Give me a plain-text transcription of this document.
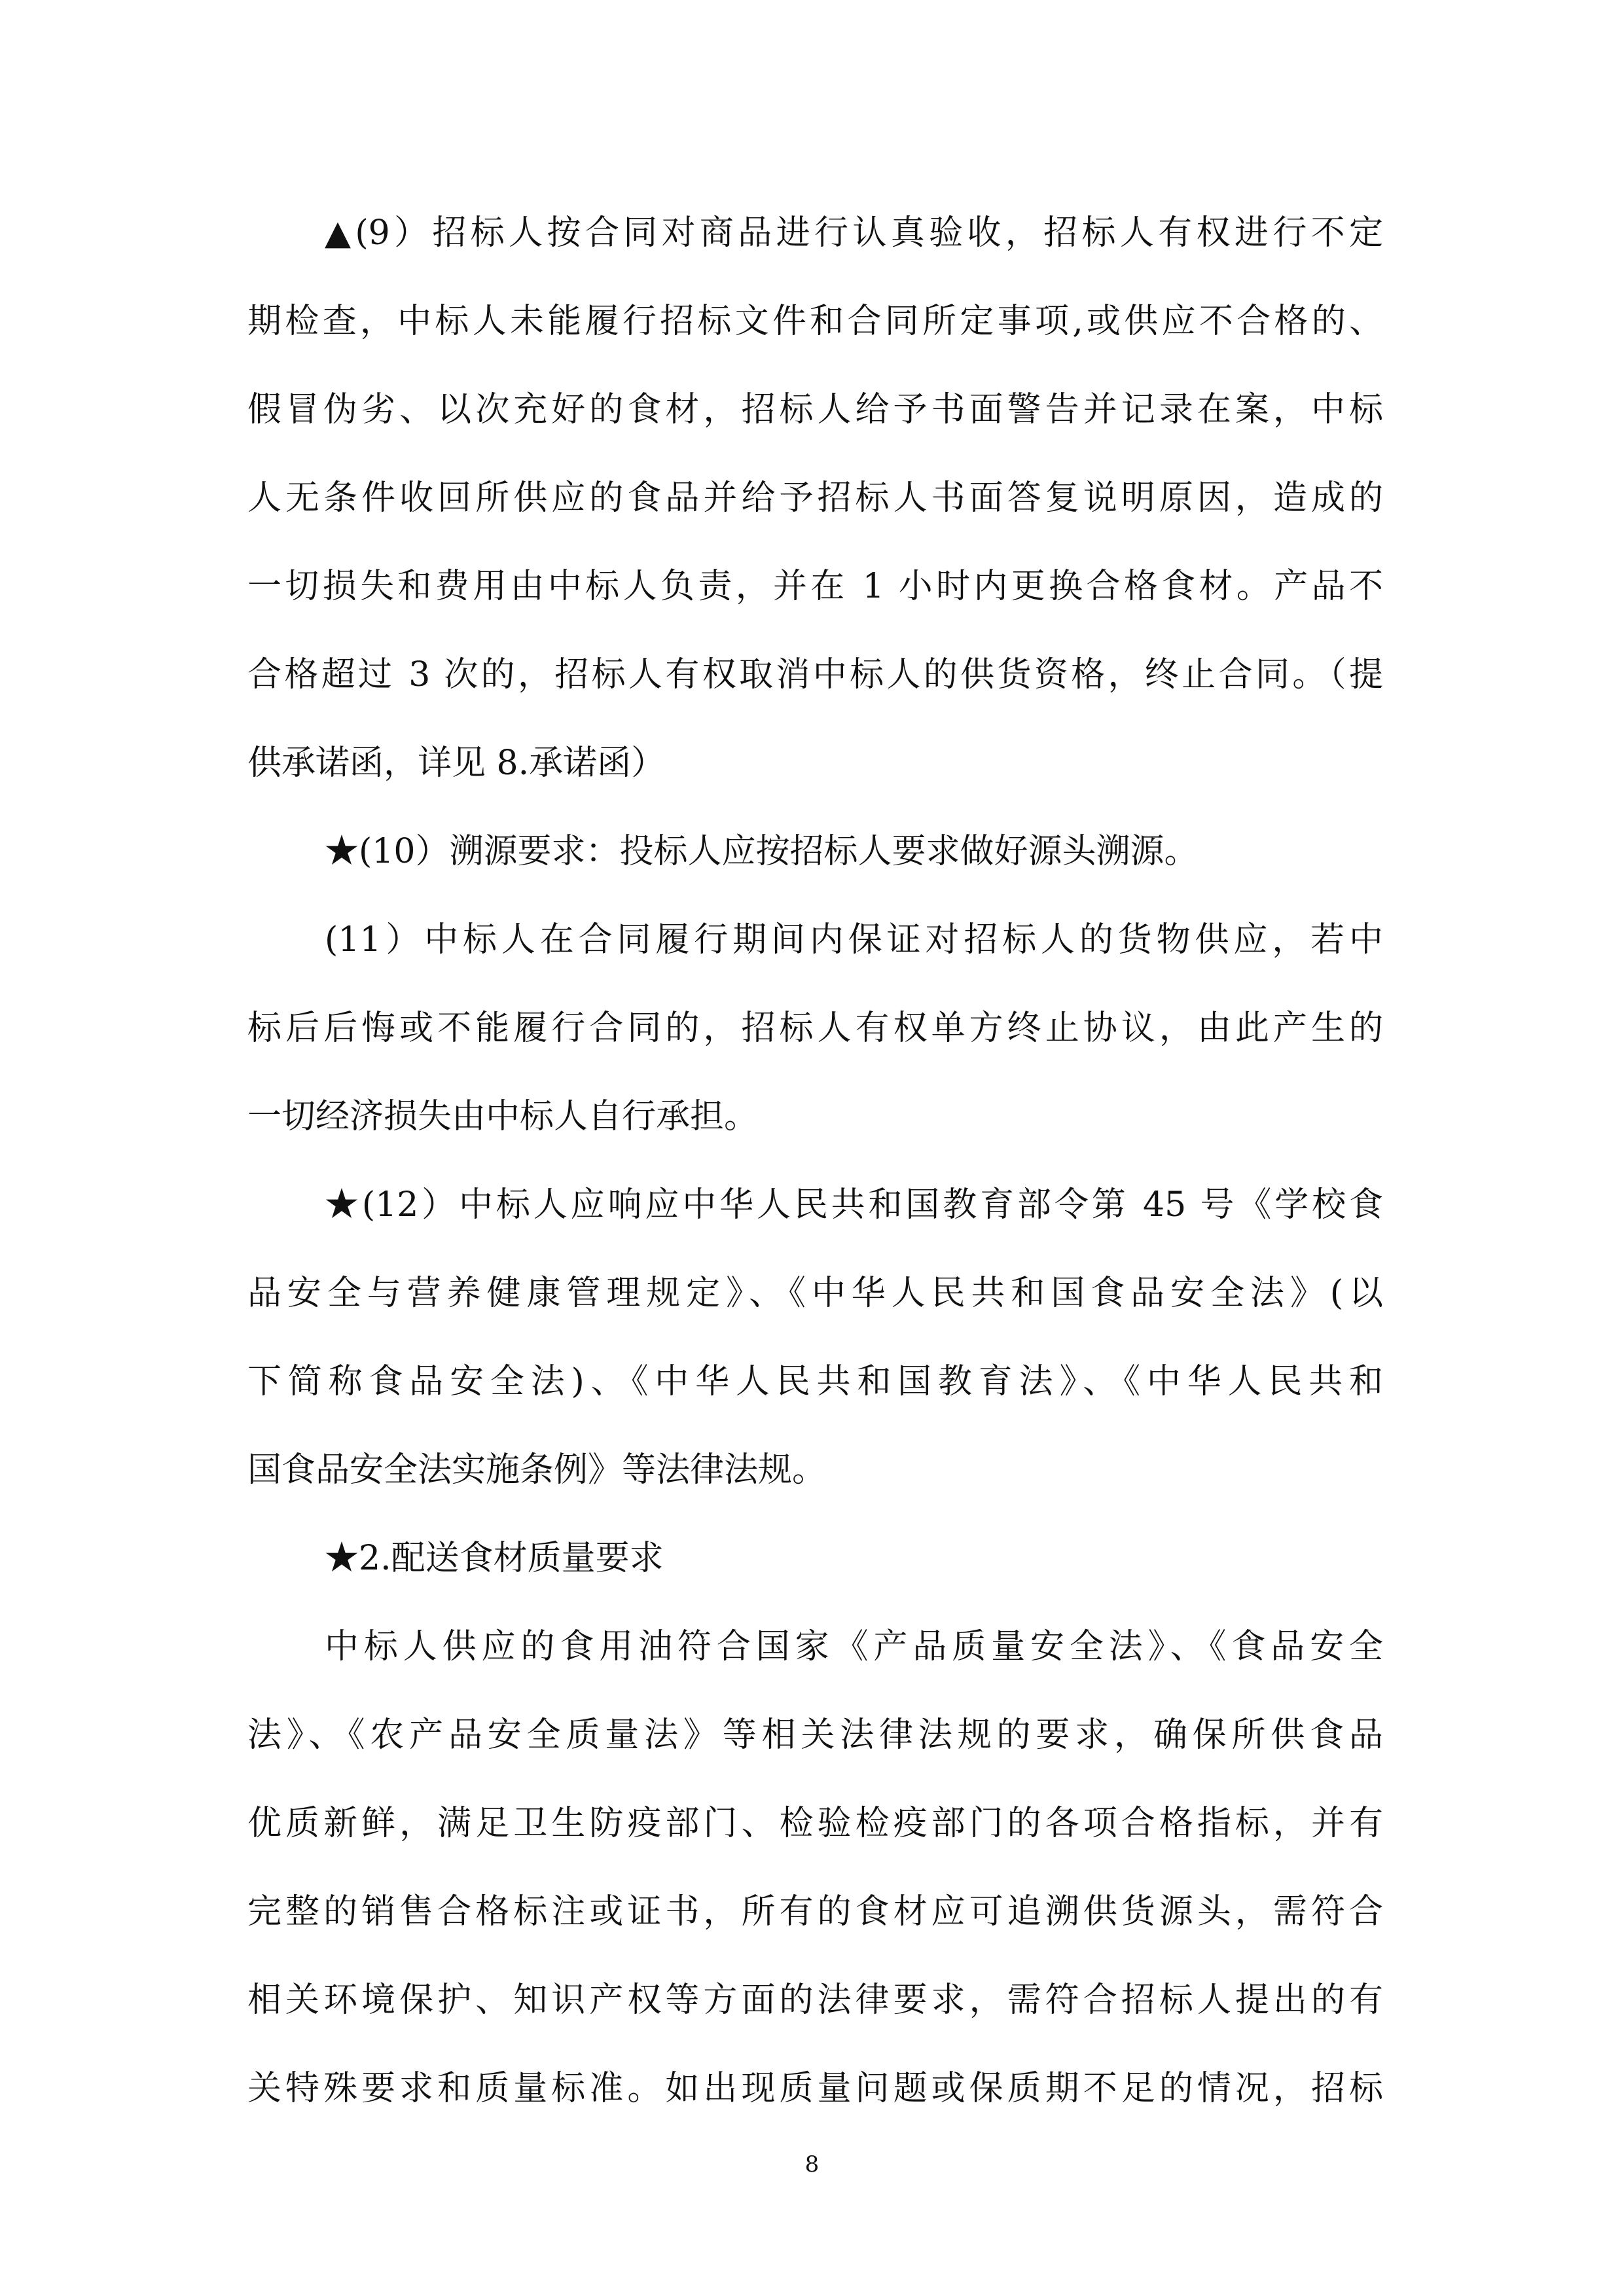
▲(9）招标人按合同对商品进行认真验收，招标人有权进行不定

期检查，中标人未能履行招标文件和合同所定事项,或供应不合格的、

假冒伪劣、以次充好的食材，招标人给予书面警告并记录在案，中标

人无条件收回所供应的食品并给予招标人书面答复说明原因，造成的

一切损失和费用由中标人负责，并在 1 小时内更换合格食材。产品不

合格超过 3 次的，招标人有权取消中标人的供货资格，终止合同。（提

供承诺函，详见 8.承诺函）

★(10）溯源要求：投标人应按招标人要求做好源头溯源。

(11）中标人在合同履行期间内保证对招标人的货物供应，若中

标后后悔或不能履行合同的，招标人有权单方终止协议，由此产生的

一切经济损失由中标人自行承担。

★(12）中标人应响应中华人民共和国教育部令第 45 号《学校食

品安全与营养健康管理规定》、《中华人民共和国食品安全法》(以

下简称食品安全法)、《中华人民共和国教育法》、《中华人民共和

国食品安全法实施条例》等法律法规。

★2.配送食材质量要求

中标人供应的食用油符合国家《产品质量安全法》、《食品安全

法》、《农产品安全质量法》等相关法律法规的要求，确保所供食品

优质新鲜，满足卫生防疫部门、检验检疫部门的各项合格指标，并有

完整的销售合格标注或证书，所有的食材应可追溯供货源头，需符合

相关环境保护、知识产权等方面的法律要求，需符合招标人提出的有

关特殊要求和质量标准。如出现质量问题或保质期不足的情况，招标

8
